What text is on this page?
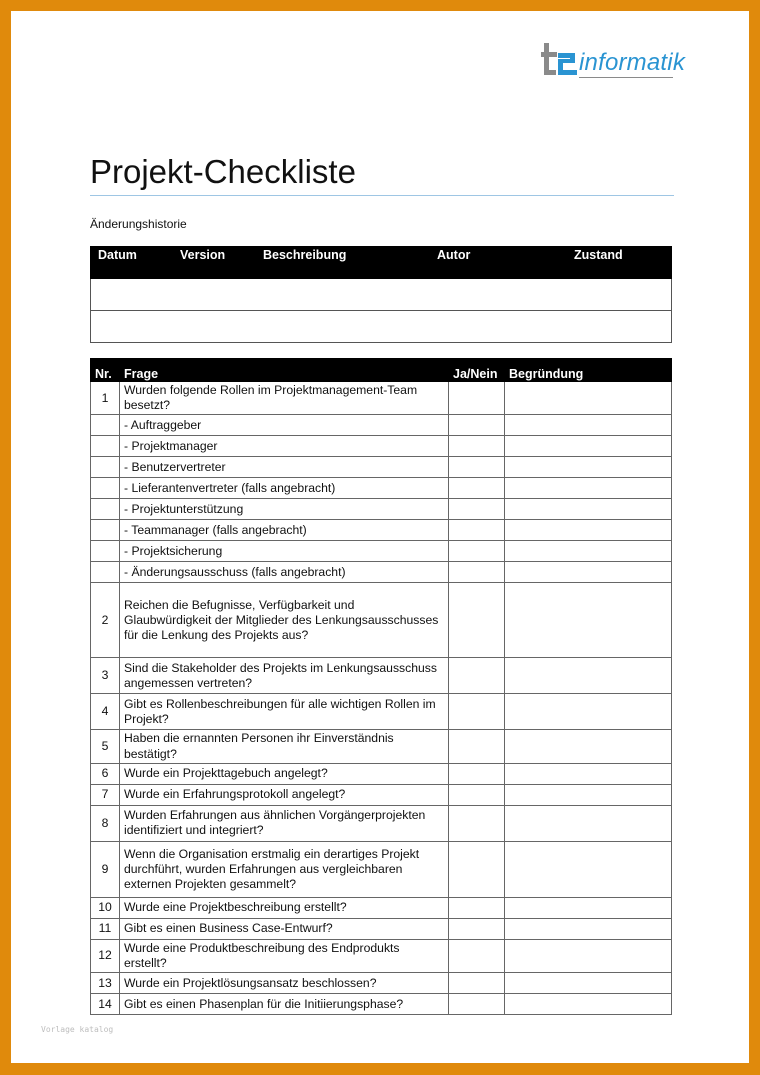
informatik
Projekt-Checkliste
Änderungshistorie
Datum	Version	Beschreibung	Autor	Zustand

Nr.	Frage	Ja/Nein	Begründung
1	Wurden folgende Rollen im Projektmanagement-Team besetzt?		
	- Auftraggeber		
	- Projektmanager		
	- Benutzervertreter		
	- Lieferantenvertreter (falls angebracht)		
	- Projektunterstützung		
	- Teammanager (falls angebracht)		
	- Projektsicherung		
	- Änderungsausschuss (falls angebracht)		
2	Reichen die Befugnisse, Verfügbarkeit und Glaubwürdigkeit der Mitglieder des Lenkungsausschusses für die Lenkung des Projekts aus?		
3	Sind die Stakeholder des Projekts im Lenkungsausschuss angemessen vertreten?		
4	Gibt es Rollenbeschreibungen für alle wichtigen Rollen im Projekt?		
5	Haben die ernannten Personen ihr Einverständnis bestätigt?		
6	Wurde ein Projekttagebuch angelegt?		
7	Wurde ein Erfahrungsprotokoll angelegt?		
8	Wurden Erfahrungen aus ähnlichen Vorgängerprojekten identifiziert und integriert?		
9	Wenn die Organisation erstmalig ein derartiges Projekt durchführt, wurden Erfahrungen aus vergleichbaren externen Projekten gesammelt?		
10	Wurde eine Projektbeschreibung erstellt?		
11	Gibt es einen Business Case-Entwurf?		
12	Wurde eine Produktbeschreibung des Endprodukts erstellt?		
13	Wurde ein Projektlösungsansatz beschlossen?		
14	Gibt es einen Phasenplan für die Initiierungsphase?		
Vorlage katalog
